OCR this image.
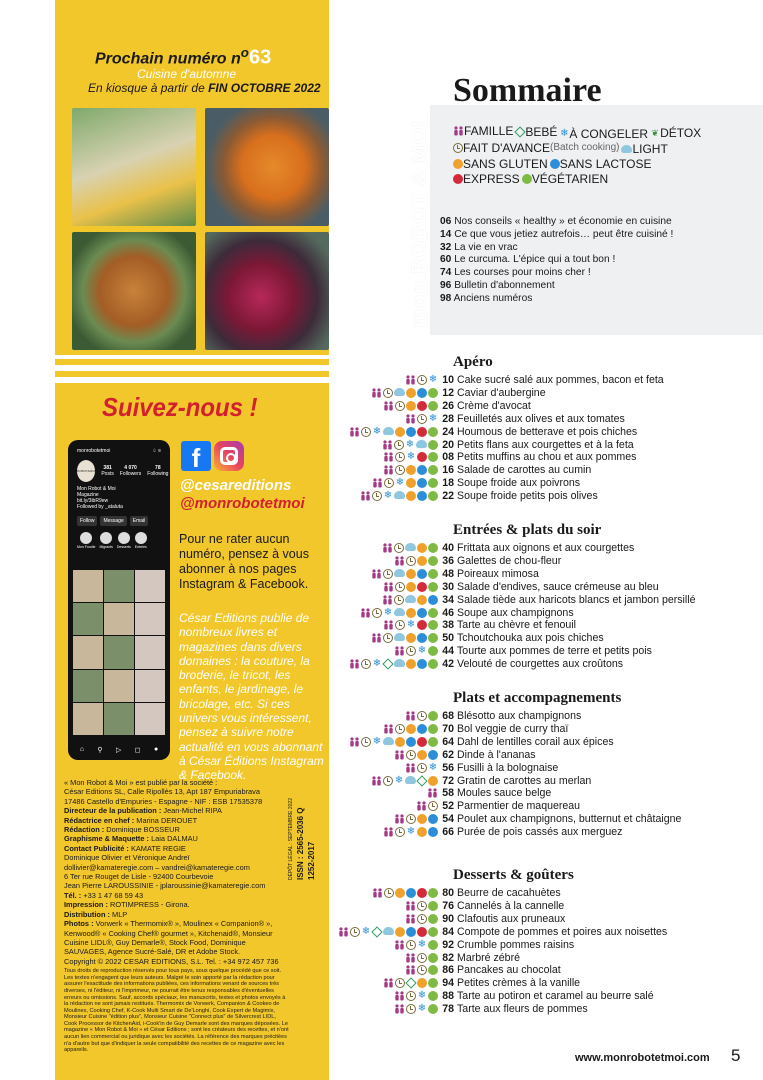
Prochain numéro $n^o63$
Cuisine d'automne
En kiosque à partir de FIN OCTOBRE 2022
Suivez-nous !
monrobotetmoi	♤ ≡
ROBOT&MOI	381
Posts
4 070
Followers
78
Following
Mon Robot & Moi
Magazine
bit.ly/3ibR9ew
Followed by _ataluta
Follow	Message	Email
Mon Foodie Migrants Desserts Entrées
⌂ ⚲ ▷ ◻ ●
f
@cesareditions
@monrobotetmoi
Pour ne rater aucun numéro, pensez à vous abonner à nos pages Instagram & Facebook.
César Editions publie de nombreux livres et magazines dans divers domaines : la couture, la broderie, le tricot, les enfants, le jardinage, le bricolage, etc. Si ces univers vous intéressent, pensez à suivre notre actualité en vous abonnant à César Éditions Instagram & Facebook.
« Mon Robot & Moi » est publié par la société :
César Editions SL, Calle Ripollès 13, Apt 187 Empuriabrava
17486 Castello d'Empuries - Espagne - NIF : ESB 17535378
Directeur de la publication : Jean-Michel RIPA
Rédactrice en chef : Marina DEROUET
Rédaction : Dominique BOSSEUR
Graphisme & Maquette : Laia DALMAU
Contact Publicité : KAMATE REGIE
Dominique Olivier et Véronique Andreï
dollivier@kamateregie.com – vandrei@kamateregie.com
6 Ter rue Rouget de Lisle - 92400 Courbevoie
Jean Pierre LAROUSSINIE - jplaroussinie@kamateregie.com
Tél. : +33 1 47 68 59 43
Impression : ROTIMPRESS - Girona.
Distribution : MLP
Photos : Vorwerk « Thermomix® », Moulinex « Companion® », Kenwood® « Cooking Chef® gourmet », Kitchenaid®, Monsieur Cuisine LIDL®, Guy Demarle®, Stock Food, Dominique SAUVAGES, Agence Sucré-Salé, DR et Adobe Stock.
Copyright © 2022 CESAR EDITIONS, S.L. Tel. : +34 972 457 736
Tous droits de reproduction réservés pour tous pays, sous quelque procédé que ce soit. Les textes n'engagent que leurs auteurs. Malgré le soin apporté par la rédaction pour assurer l'exactitude des informations publiées, ces informations venant de sources très diverses, ni l'éditeur, ni l'imprimeur, ne pourrait être tenus responsables d'éventuelles erreurs ou omissions. Sauf, accords spéciaux, les manuscrits, textes et photos envoyés à la rédaction ne sont jamais restitués. Thermomix de Vorwerk, Companion & Cookeo de Moulinex, Cooking Chef, K-Cook Multi Smart de De'Longhi, Cook Expert de Magimix, Monsieur Cuisine "édition plus", Monsieur Cuisine "Connect plus" de Silvercrest LIDL, Cook Processor de KitchenAid, i-Cook'in de Guy Demarle sont des marques déposées. Le magazine « Mon Robot & Moi » et César Editions ; sont les créateurs des recettes, et n'ont aucun lien commercial ou juridique avec les sociétés. La référence des marques précitées n'a d'autre but que d'indiquer la seule compatibilité des recettes de ce magazine avec les appareils.
DÉPÔT LÉGAL : SEPTEMBRE 2022 ISSN : 2565-2036 Q 1252-2017
mon ROBOT & MOI
Sommaire
FAMILLE BEBÉ ❄ À CONGELER ❦ DÉTOX
FAIT D'AVANCE (Batch cooking) LIGHT
SANS GLUTEN SANS LACTOSE
EXPRESS VÉGÉTARIEN
06 Nos conseils « healthy » et économie en cuisine
14 Ce que vous jetiez autrefois… peut être cuisiné !
32 La vie en vrac
60 Le curcuma. L'épice qui a tout bon !
74 Les courses pour moins cher !
96 Bulletin d'abonnement
98 Anciens numéros
Apéro
❄ 10 Cake sucré salé aux pommes, bacon et feta
12 Caviar d'aubergine
26 Crème d'avocat
❄ 28 Feuilletés aux olives et aux tomates
❄	24 Houmous de betterave et pois chiches
❄	20 Petits flans aux courgettes et à la feta
❄	08 Petits muffins au chou et aux pommes
16 Salade de carottes au cumin
❄	18 Soupe froide aux poivrons
❄	22 Soupe froide petits pois olives
Entrées & plats du soir
40 Frittata aux oignons et aux courgettes
36 Galettes de chou-fleur
48 Poireaux mimosa
30 Salade d'endives, sauce crémeuse au bleu
34 Salade tiède aux haricots blancs et jambon persillé
❄	46 Soupe aux champignons
❄	38 Tarte au chèvre et fenouil
50 Tchoutchouka aux pois chiches
❄ 44 Tourte aux pommes de terre et petits pois
❄	42 Velouté de courgettes aux croûtons
Plats et accompagnements
68 Blésotto aux champignons
70 Bol veggie de curry thaï
❄	64 Dahl de lentilles corail aux épices
62 Dinde à l'ananas
❄ 56 Fusilli à la bolognaise
❄	72 Gratin de carottes au merlan
58 Moules sauce belge
52 Parmentier de maquereau
54 Poulet aux champignons, butternut et châtaigne
❄	66 Purée de pois cassés aux merguez
Desserts & goûters
80 Beurre de cacahuètes
76 Cannelés à la cannelle
90 Clafoutis aux pruneaux
❄	84 Compote de pommes et poires aux noisettes
❄ 92 Crumble pommes raisins
82 Marbré zébré
86 Pancakes au chocolat
94 Petites crèmes à la vanille
❄ 88 Tarte au potiron et caramel au beurre salé
❄ 78 Tarte aux fleurs de pommes
www.monrobotetmoi.com 5
